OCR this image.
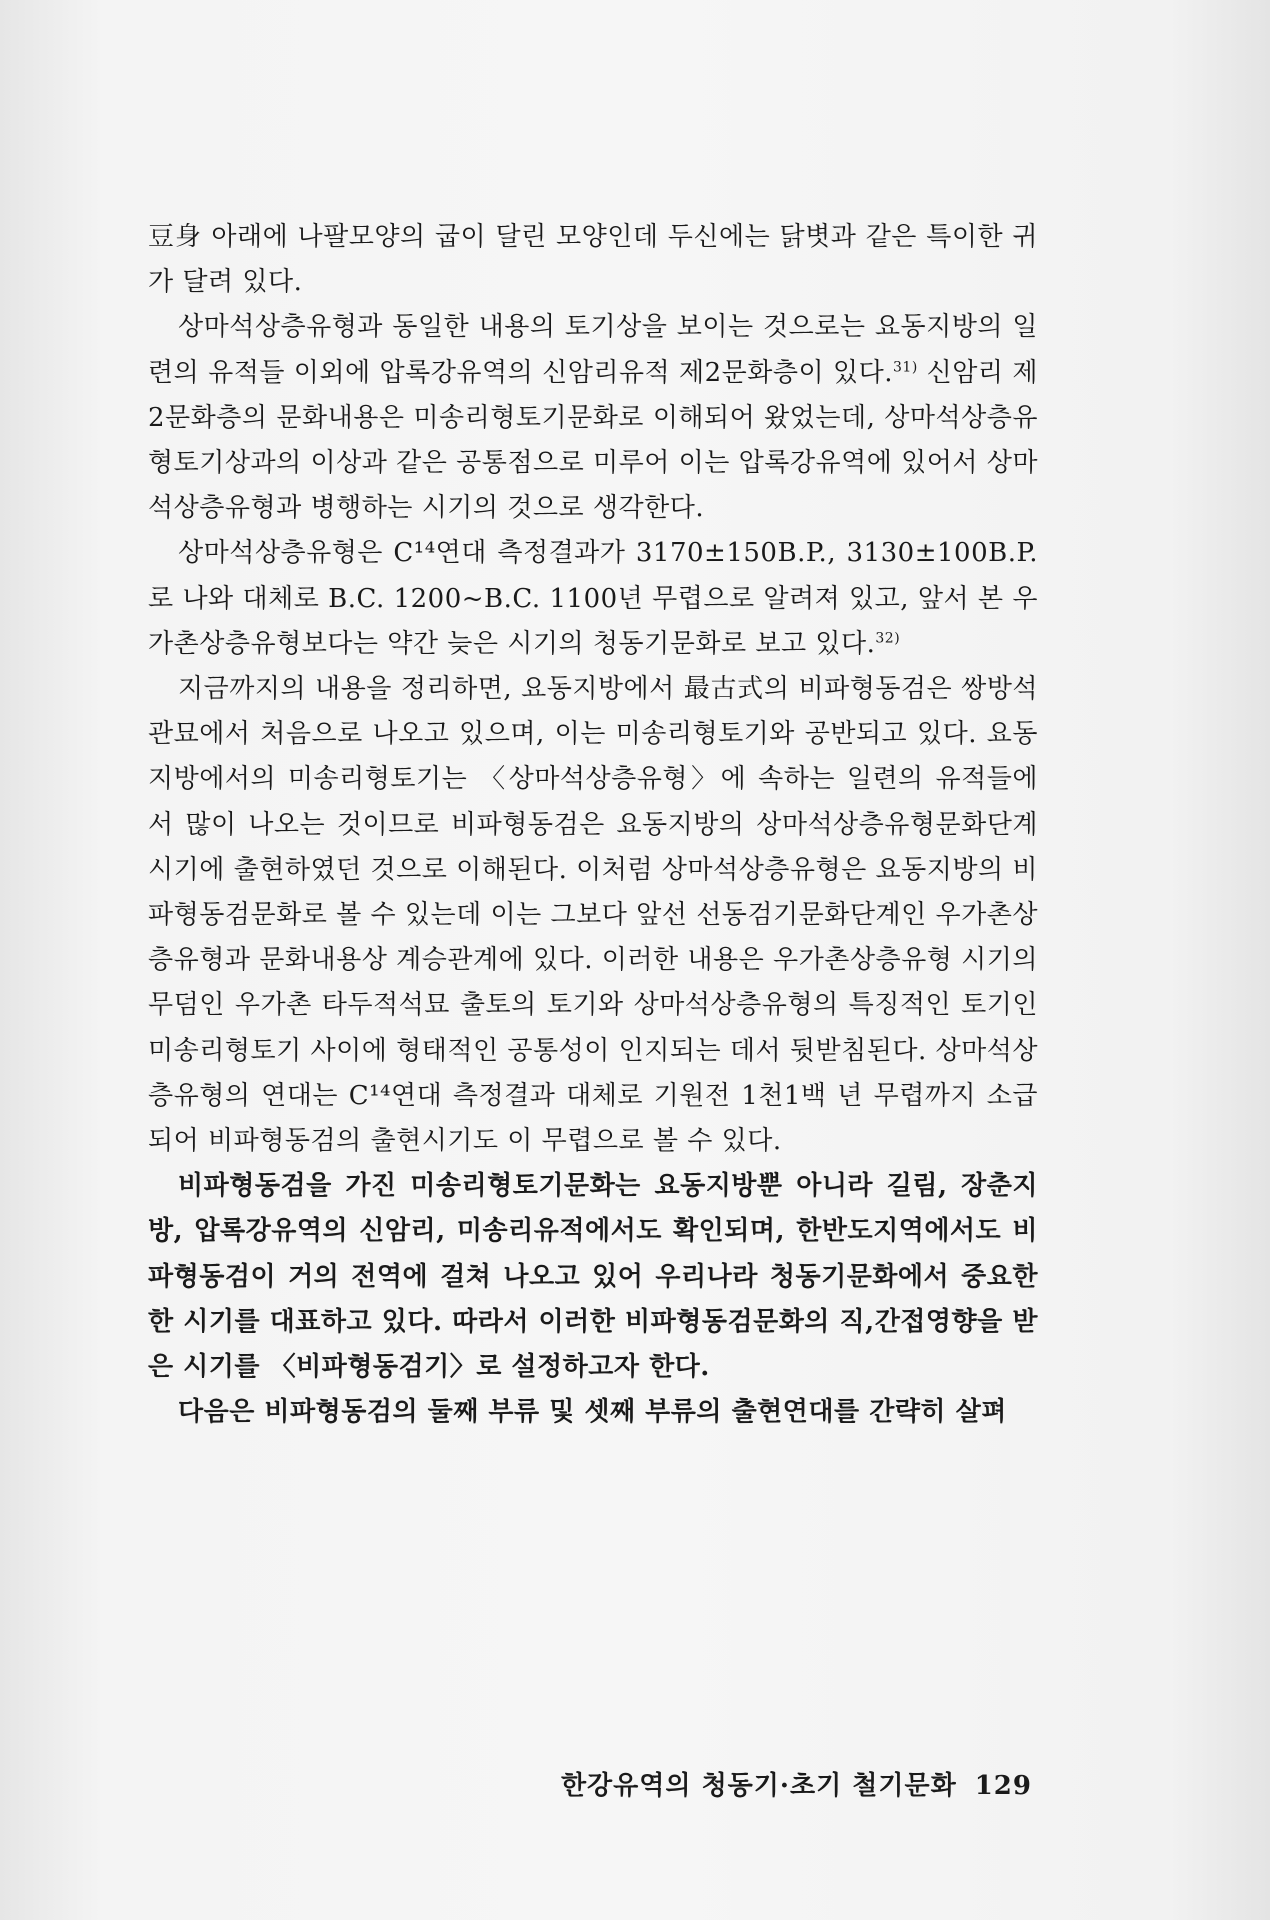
豆身 아래에 나팔모양의 굽이 달린 모양인데 두신에는 닭볏과 같은 특이한 귀가 달려 있다.

상마석상층유형과 동일한 내용의 토기상을 보이는 것으로는 요동지방의 일련의 유적들 이외에 압록강유역의 신암리유적 제2문화층이 있다.$^{31)}$ 신암리 제2문화층의 문화내용은 미송리형토기문화로 이해되어 왔었는데, 상마석상층유형토기상과의 이상과 같은 공통점으로 미루어 이는 압록강유역에 있어서 상마석상층유형과 병행하는 시기의 것으로 생각한다.

상마석상층유형은 C¹⁴연대 측정결과가 3170±150B.P., 3130±100B.P.로 나와 대체로 B.C. 1200~B.C. 1100년 무렵으로 알려져 있고, 앞서 본 우가촌상층유형보다는 약간 늦은 시기의 청동기문화로 보고 있다.$^{32)}$

지금까지의 내용을 정리하면, 요동지방에서 最古式의 비파형동검은 쌍방석관묘에서 처음으로 나오고 있으며, 이는 미송리형토기와 공반되고 있다. 요동지방에서의 미송리형토기는 〈상마석상층유형〉에 속하는 일련의 유적들에서 많이 나오는 것이므로 비파형동검은 요동지방의 상마석상층유형문화단계 시기에 출현하였던 것으로 이해된다. 이처럼 상마석상층유형은 요동지방의 비파형동검문화로 볼 수 있는데 이는 그보다 앞선 선동검기문화단계인 우가촌상층유형과 문화내용상 계승관계에 있다. 이러한 내용은 우가촌상층유형 시기의 무덤인 우가촌 타두적석묘 출토의 토기와 상마석상층유형의 특징적인 토기인 미송리형토기 사이에 형태적인 공통성이 인지되는 데서 뒷받침된다. 상마석상층유형의 연대는 C¹⁴연대 측정결과 대체로 기원전 1천1백 년 무렵까지 소급되어 비파형동검의 출현시기도 이 무렵으로 볼 수 있다.

비파형동검을 가진 미송리형토기문화는 요동지방뿐 아니라 길림, 장춘지방, 압록강유역의 신암리, 미송리유적에서도 확인되며, 한반도지역에서도 비파형동검이 거의 전역에 걸쳐 나오고 있어 우리나라 청동기문화에서 중요한 한 시기를 대표하고 있다. 따라서 이러한 비파형동검문화의 직,간접영향을 받은 시기를 〈비파형동검기〉로 설정하고자 한다.

다음은 비파형동검의 둘째 부류 및 셋째 부류의 출현연대를 간략히 살펴

한강유역의 청동기·초기 철기문화 129
